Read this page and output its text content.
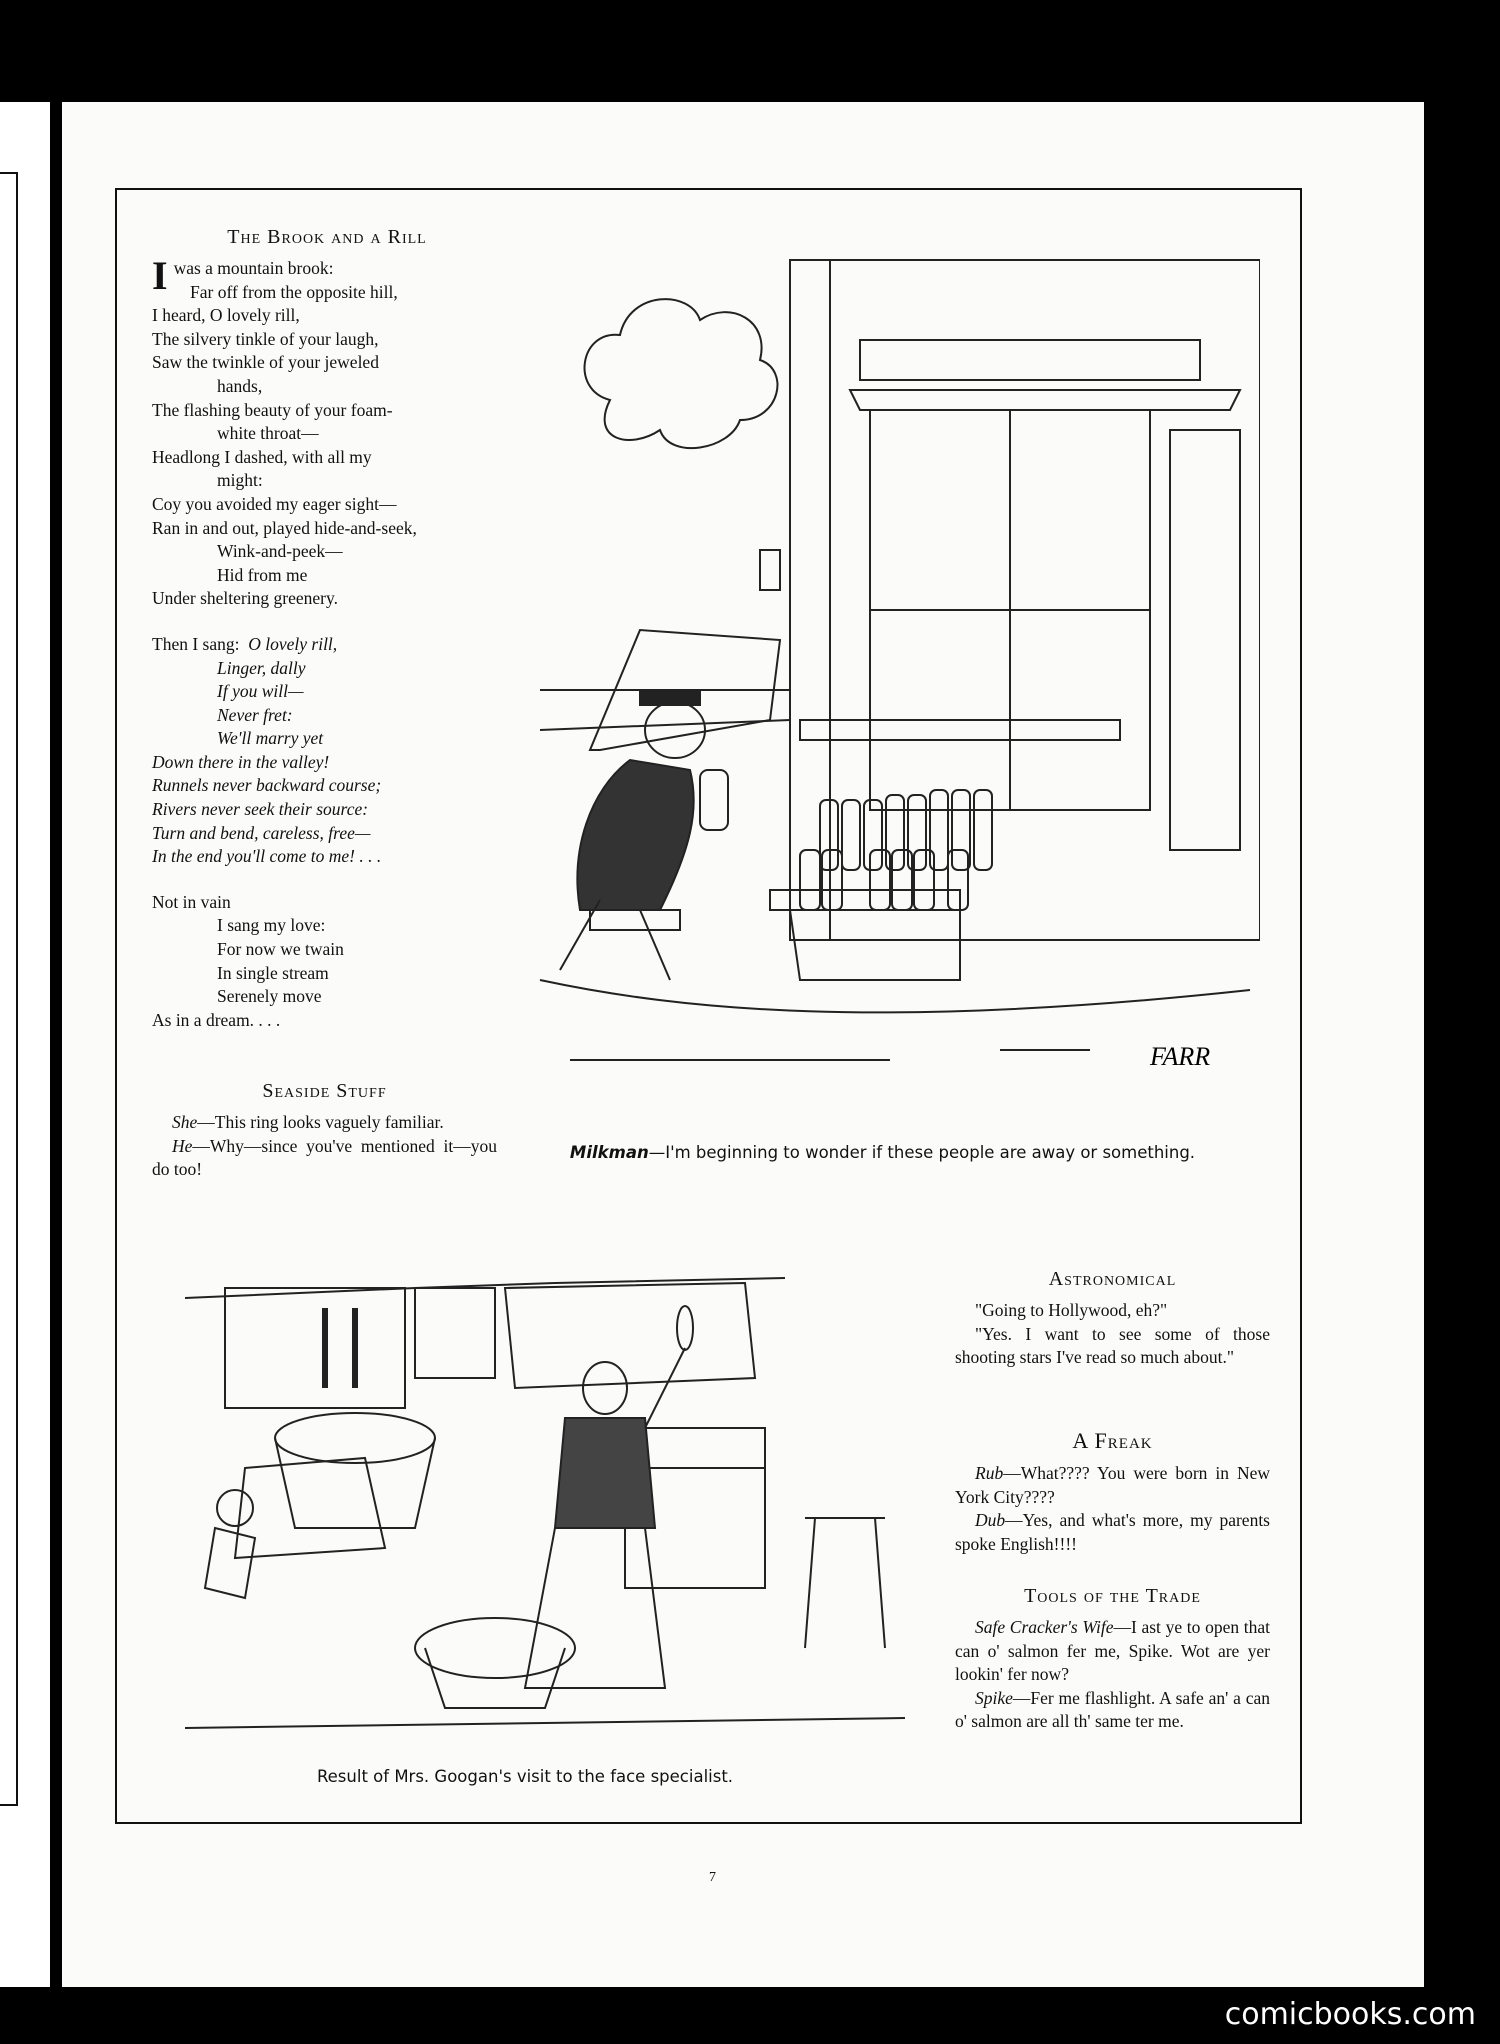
The Brook and a Rill
I was a mountain brook:
Far off from the opposite hill,
I heard, O lovely rill,
The silvery tinkle of your laugh,
Saw the twinkle of your jeweled
hands,
The flashing beauty of your foam-
white throat—
Headlong I dashed, with all my
might:
Coy you avoided my eager sight—
Ran in and out, played hide-and-seek,
Wink-and-peek—
Hid from me
Under sheltering greenery.
Then I sang: O lovely rill,
Linger, dally
If you will—
Never fret:
We'll marry yet
Down there in the valley!
Runnels never backward course;
Rivers never seek their source:
Turn and bend, careless, free—
In the end you'll come to me! . . .
Not in vain
I sang my love:
For now we twain
In single stream
Serenely move
As in a dream. . . .
Seaside Stuff

She—This ring looks vaguely familiar.

He—Why—since you've mentioned it—you do too!

FARR
Milkman—I'm beginning to wonder if these people are away or something.
Result of Mrs. Googan's visit to the face specialist.
Astronomical

"Going to Hollywood, eh?"

"Yes. I want to see some of those shooting stars I've read so much about."

A Freak

Rub—What???? You were born in New York City????

Dub—Yes, and what's more, my parents spoke English!!!!

Tools of the Trade

Safe Cracker's Wife—I ast ye to open that can o' salmon fer me, Spike. Wot are yer lookin' fer now?

Spike—Fer me flashlight. A safe an' a can o' salmon are all th' same ter me.

7
comicbooks.com
